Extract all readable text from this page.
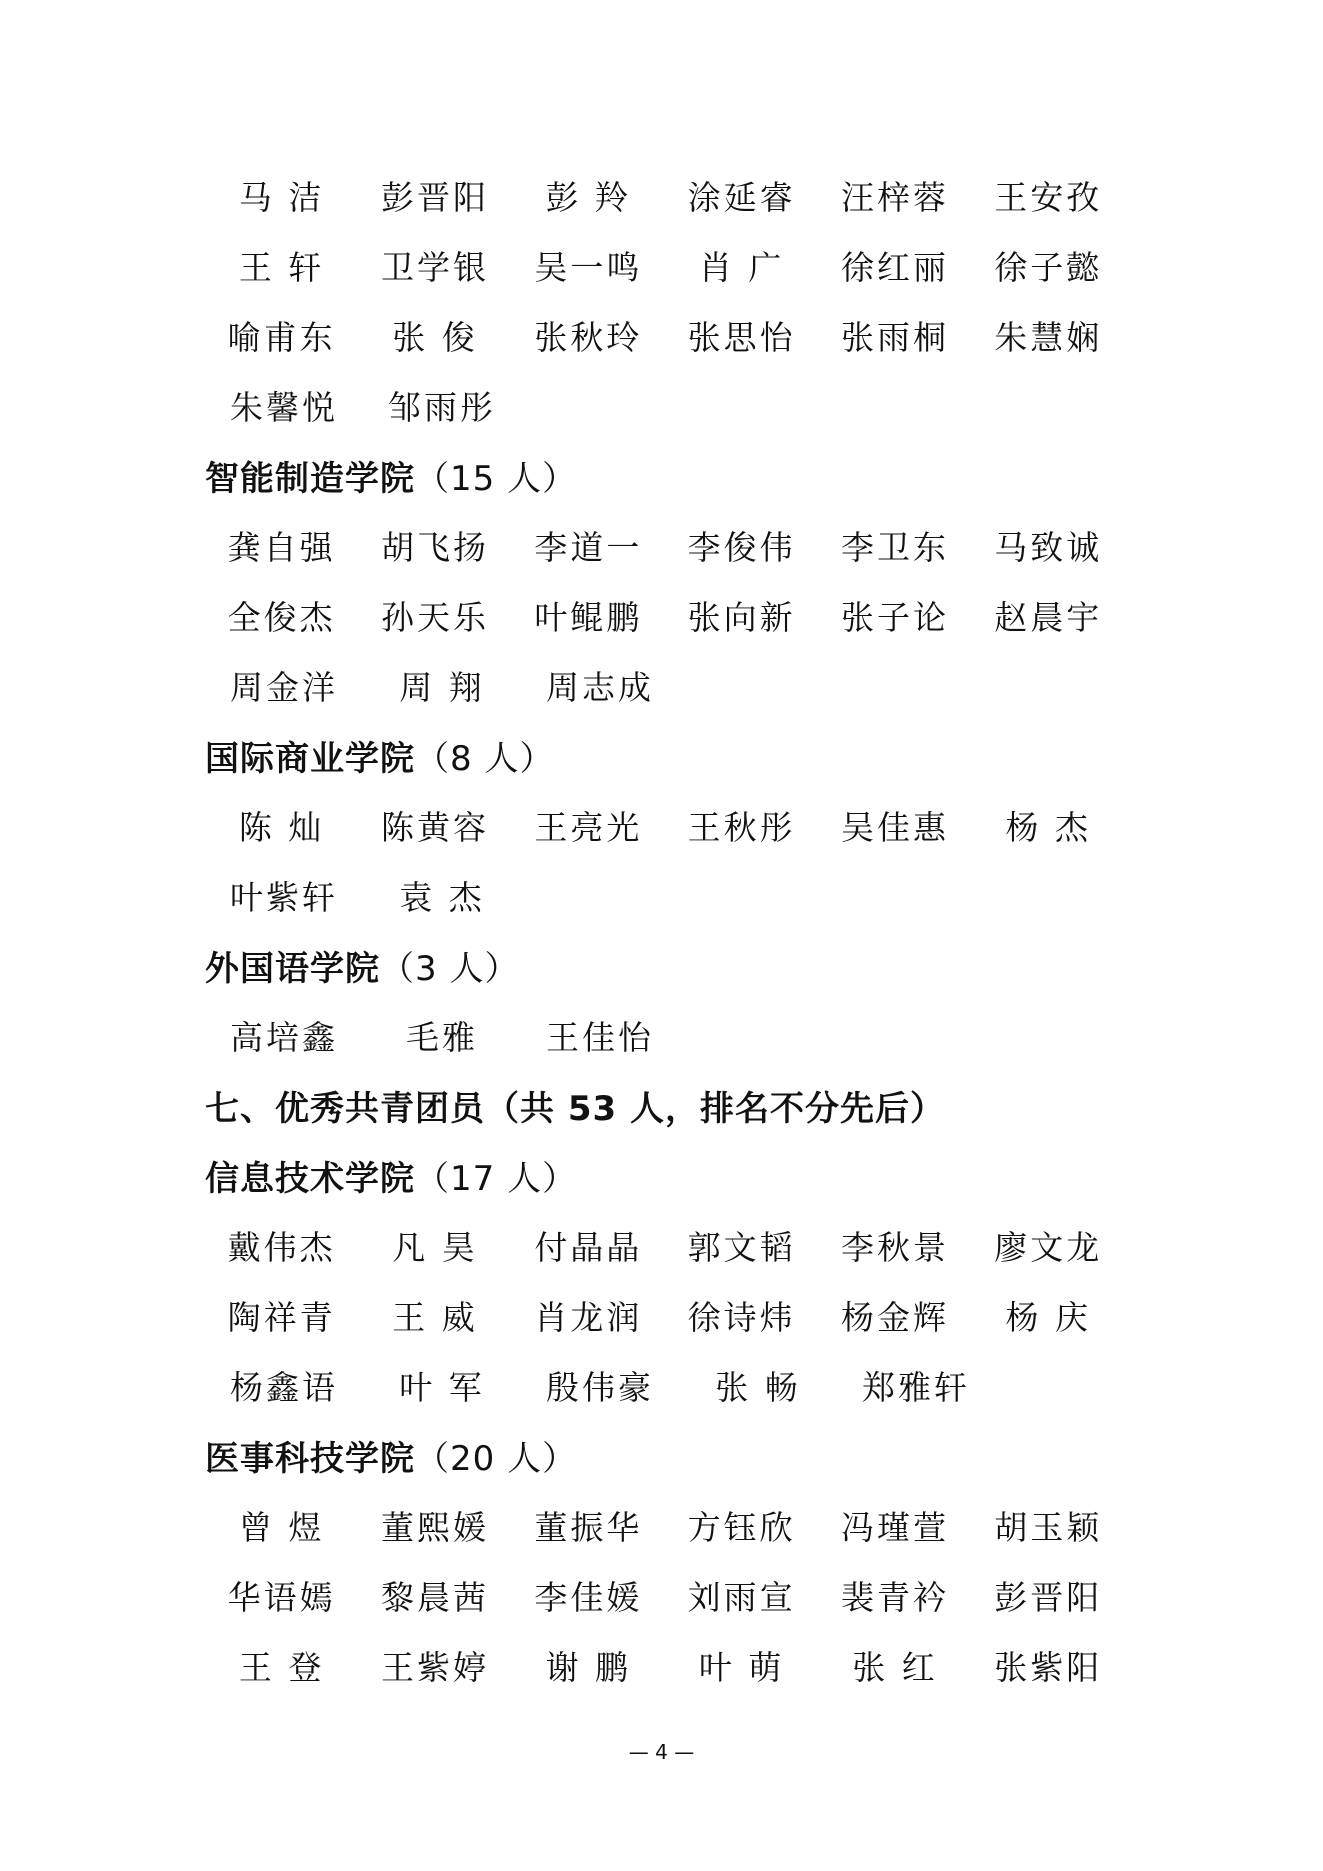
马 洁	彭晋阳	彭 羚	涂延睿	汪梓蓉	王安孜
王 轩	卫学银	吴一鸣	肖 广	徐红丽	徐子懿
喻甫东	张 俊	张秋玲	张思怡	张雨桐	朱慧娴
朱馨悦	邹雨彤
智能制造学院 （15 人）
龚自强	胡飞扬	李道一	李俊伟	李卫东	马致诚
全俊杰	孙天乐	叶鲲鹏	张向新	张子论	赵晨宇
周金洋	周 翔	周志成
国际商业学院 （8 人）
陈 灿	陈黄容	王亮光	王秋彤	吴佳惠	杨 杰
叶紫轩	袁 杰
外国语学院 （3 人）
高培鑫	毛雅	王佳怡
七、优秀共青团员（共 53 人，排名不分先后）
信息技术学院 （17 人）
戴伟杰	凡 昊	付晶晶	郭文韬	李秋景	廖文龙
陶祥青	王 威	肖龙润	徐诗炜	杨金辉	杨 庆
杨鑫语	叶 军	殷伟豪	张 畅	郑雅轩
医事科技学院 （20 人）
曾 煜	董熙媛	董振华	方钰欣	冯瑾萱	胡玉颖
华语嫣	黎晨茜	李佳媛	刘雨宣	裴青衿	彭晋阳
王 登	王紫婷	谢 鹏	叶 萌	张 红	张紫阳
— 4 —
